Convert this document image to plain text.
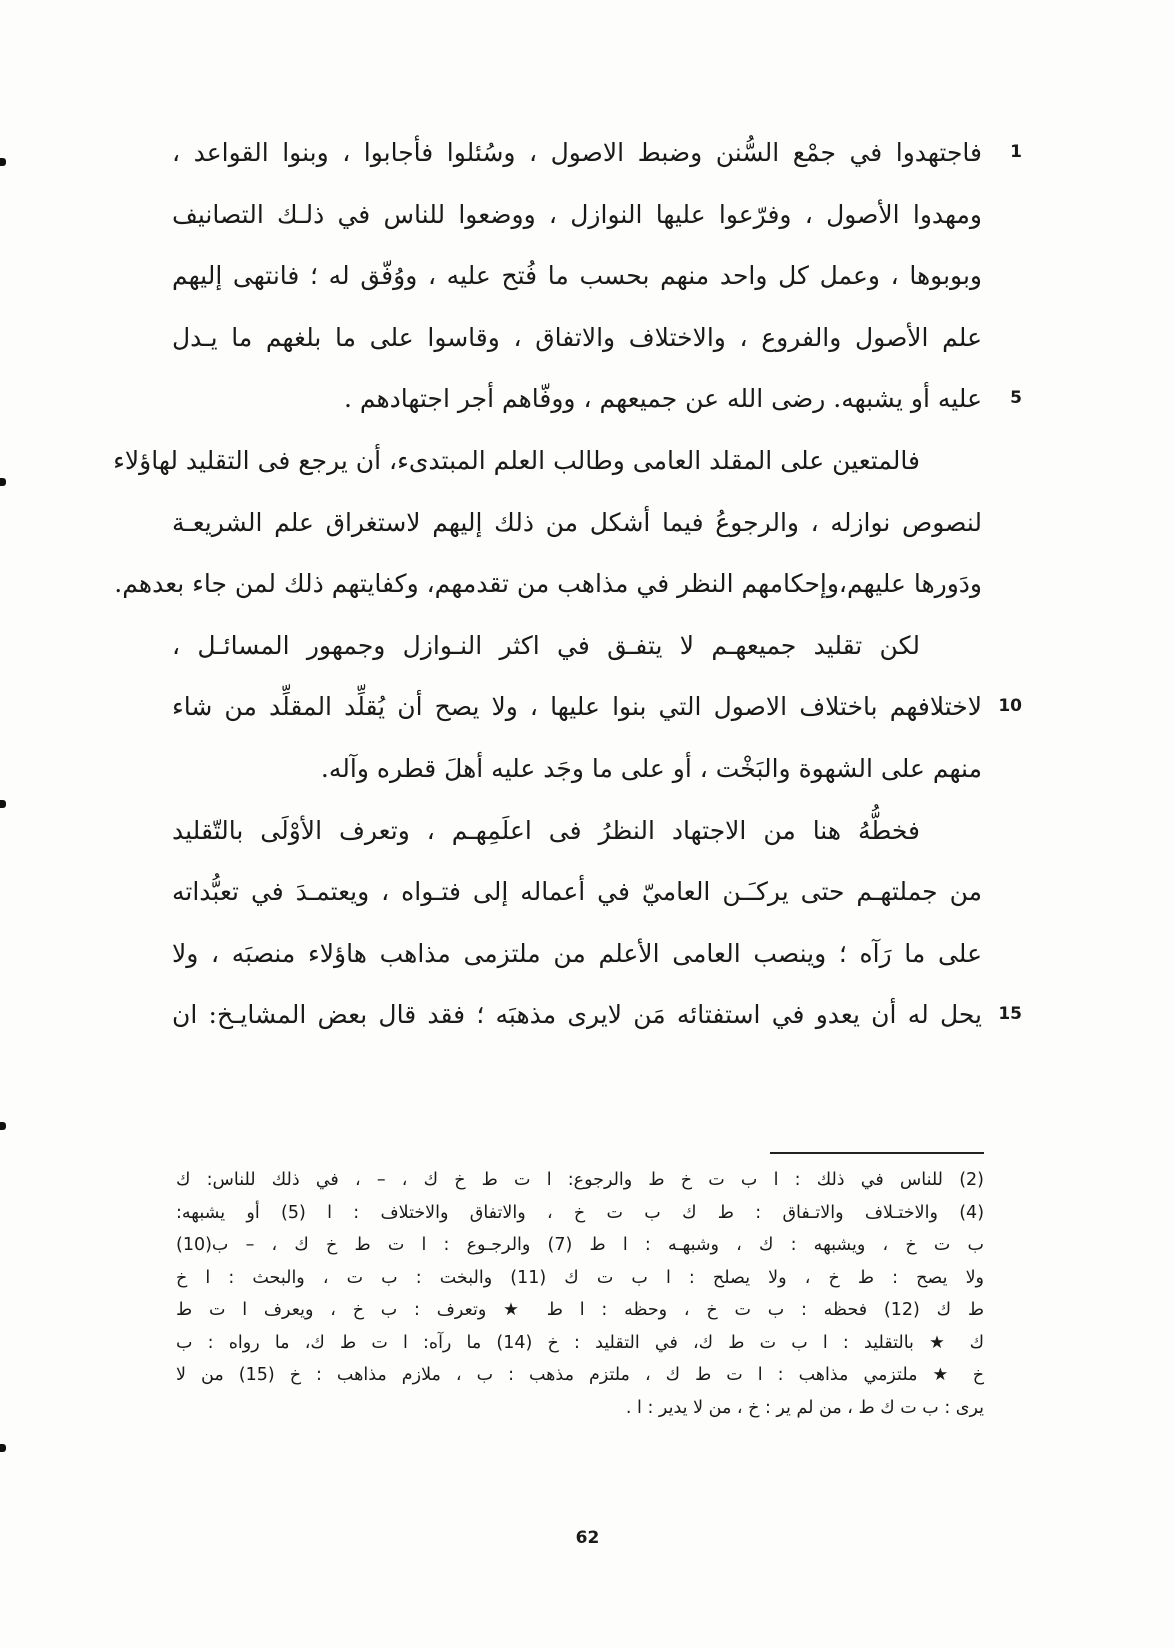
فاجتهدوا في جمْع السُّنن وضبط الاصول ، وسُئلوا فأجابوا ، وبنوا القواعد ، 1
ومهدوا الأصول ، وفرّعوا عليها النوازل ، ووضعوا للناس في ذلـك التصانيف
وبوبوها ، وعمل كل واحد منهم بحسب ما فُتح عليه ، ووُفّق له ؛ فانتهى إليهم
علم الأصول والفروع ، والاختلاف والاتفاق ، وقاسوا على ما بلغهم ما يـدل
عليه أو يشبهه. رضى الله عن جميعهم ، ووفّاهم أجر اجتهادهم . 5
فالمتعين على المقلد العامى وطالب العلم المبتدىء، أن يرجع فى التقليد لهاؤلاء
لنصوص نوازله ، والرجوعُ فيما أشكل من ذلك إليهم لاستغراق علم الشريعـة
ودَورها عليهم،وإحكامهم النظر في مذاهب من تقدمهم، وكفايتهم ذلك لمن جاء بعدهم.
لكن تقليد جميعهـم لا يتفـق في اكثر النـوازل وجمهور المسائـل ،
لاختلافهم باختلاف الاصول التي بنوا عليها ، ولا يصح أن يُقلِّد المقلِّد من شاء 10
منهم على الشهوة والبَخْت ، أو على ما وجَد عليه أهلَ قطره وآله.
فخطُّهُ هنا من الاجتهاد النظرُ فى اعلَمِهـم ، وتعرف الأوْلَى بالتّقليد
من جملتهـم حتى يركـَـن العاميّ في أعماله إلى فتـواه ، ويعتمـدَ في تعبُّداته
على ما رَآه ؛ وينصب العامى الأعلم من ملتزمى مذاهب هاؤلاء منصبَه ، ولا
يحل له أن يعدو في استفتائه مَن لايرى مذهبَه ؛ فقد قال بعض المشايـخ: ان 15
(2) للناس في ذلك : ا ب ت خ ط والرجوع: ا ت ط خ ك ، – ، في ذلك للناس: ك
(4) والاختـلاف والاتـفاق : ط ك ب ت خ ، والاتفاق والاختلاف : ا (5) أو يشبهه:
ب ت خ ، ويشبهه : ك ، وشبهـه : ا ط (7) والرجـوع : ا ت ط خ ك ، – ب(10)
ولا يصح : ط خ ، ولا يصلح : ا ب ت ك (11) والبخت : ب ت ، والبحث : ا خ
ط ك (12) فحظه : ب ت خ ، وحظه : ا ط ★ وتعرف : ب خ ، ويعرف ا ت ط
ك ★ بالتقليد : ا ب ت ط ك، في التقليد : خ (14) ما رآه: ا ت ط ك، ما رواه : ب
خ ★ ملتزمي مذاهب : ا ت ط ك ، ملتزم مذهب : ب ، ملازم مذاهب : خ (15) من لا
يرى : ب ت ك ط ، من لم ير : خ ، من لا يدير : ا .
62
